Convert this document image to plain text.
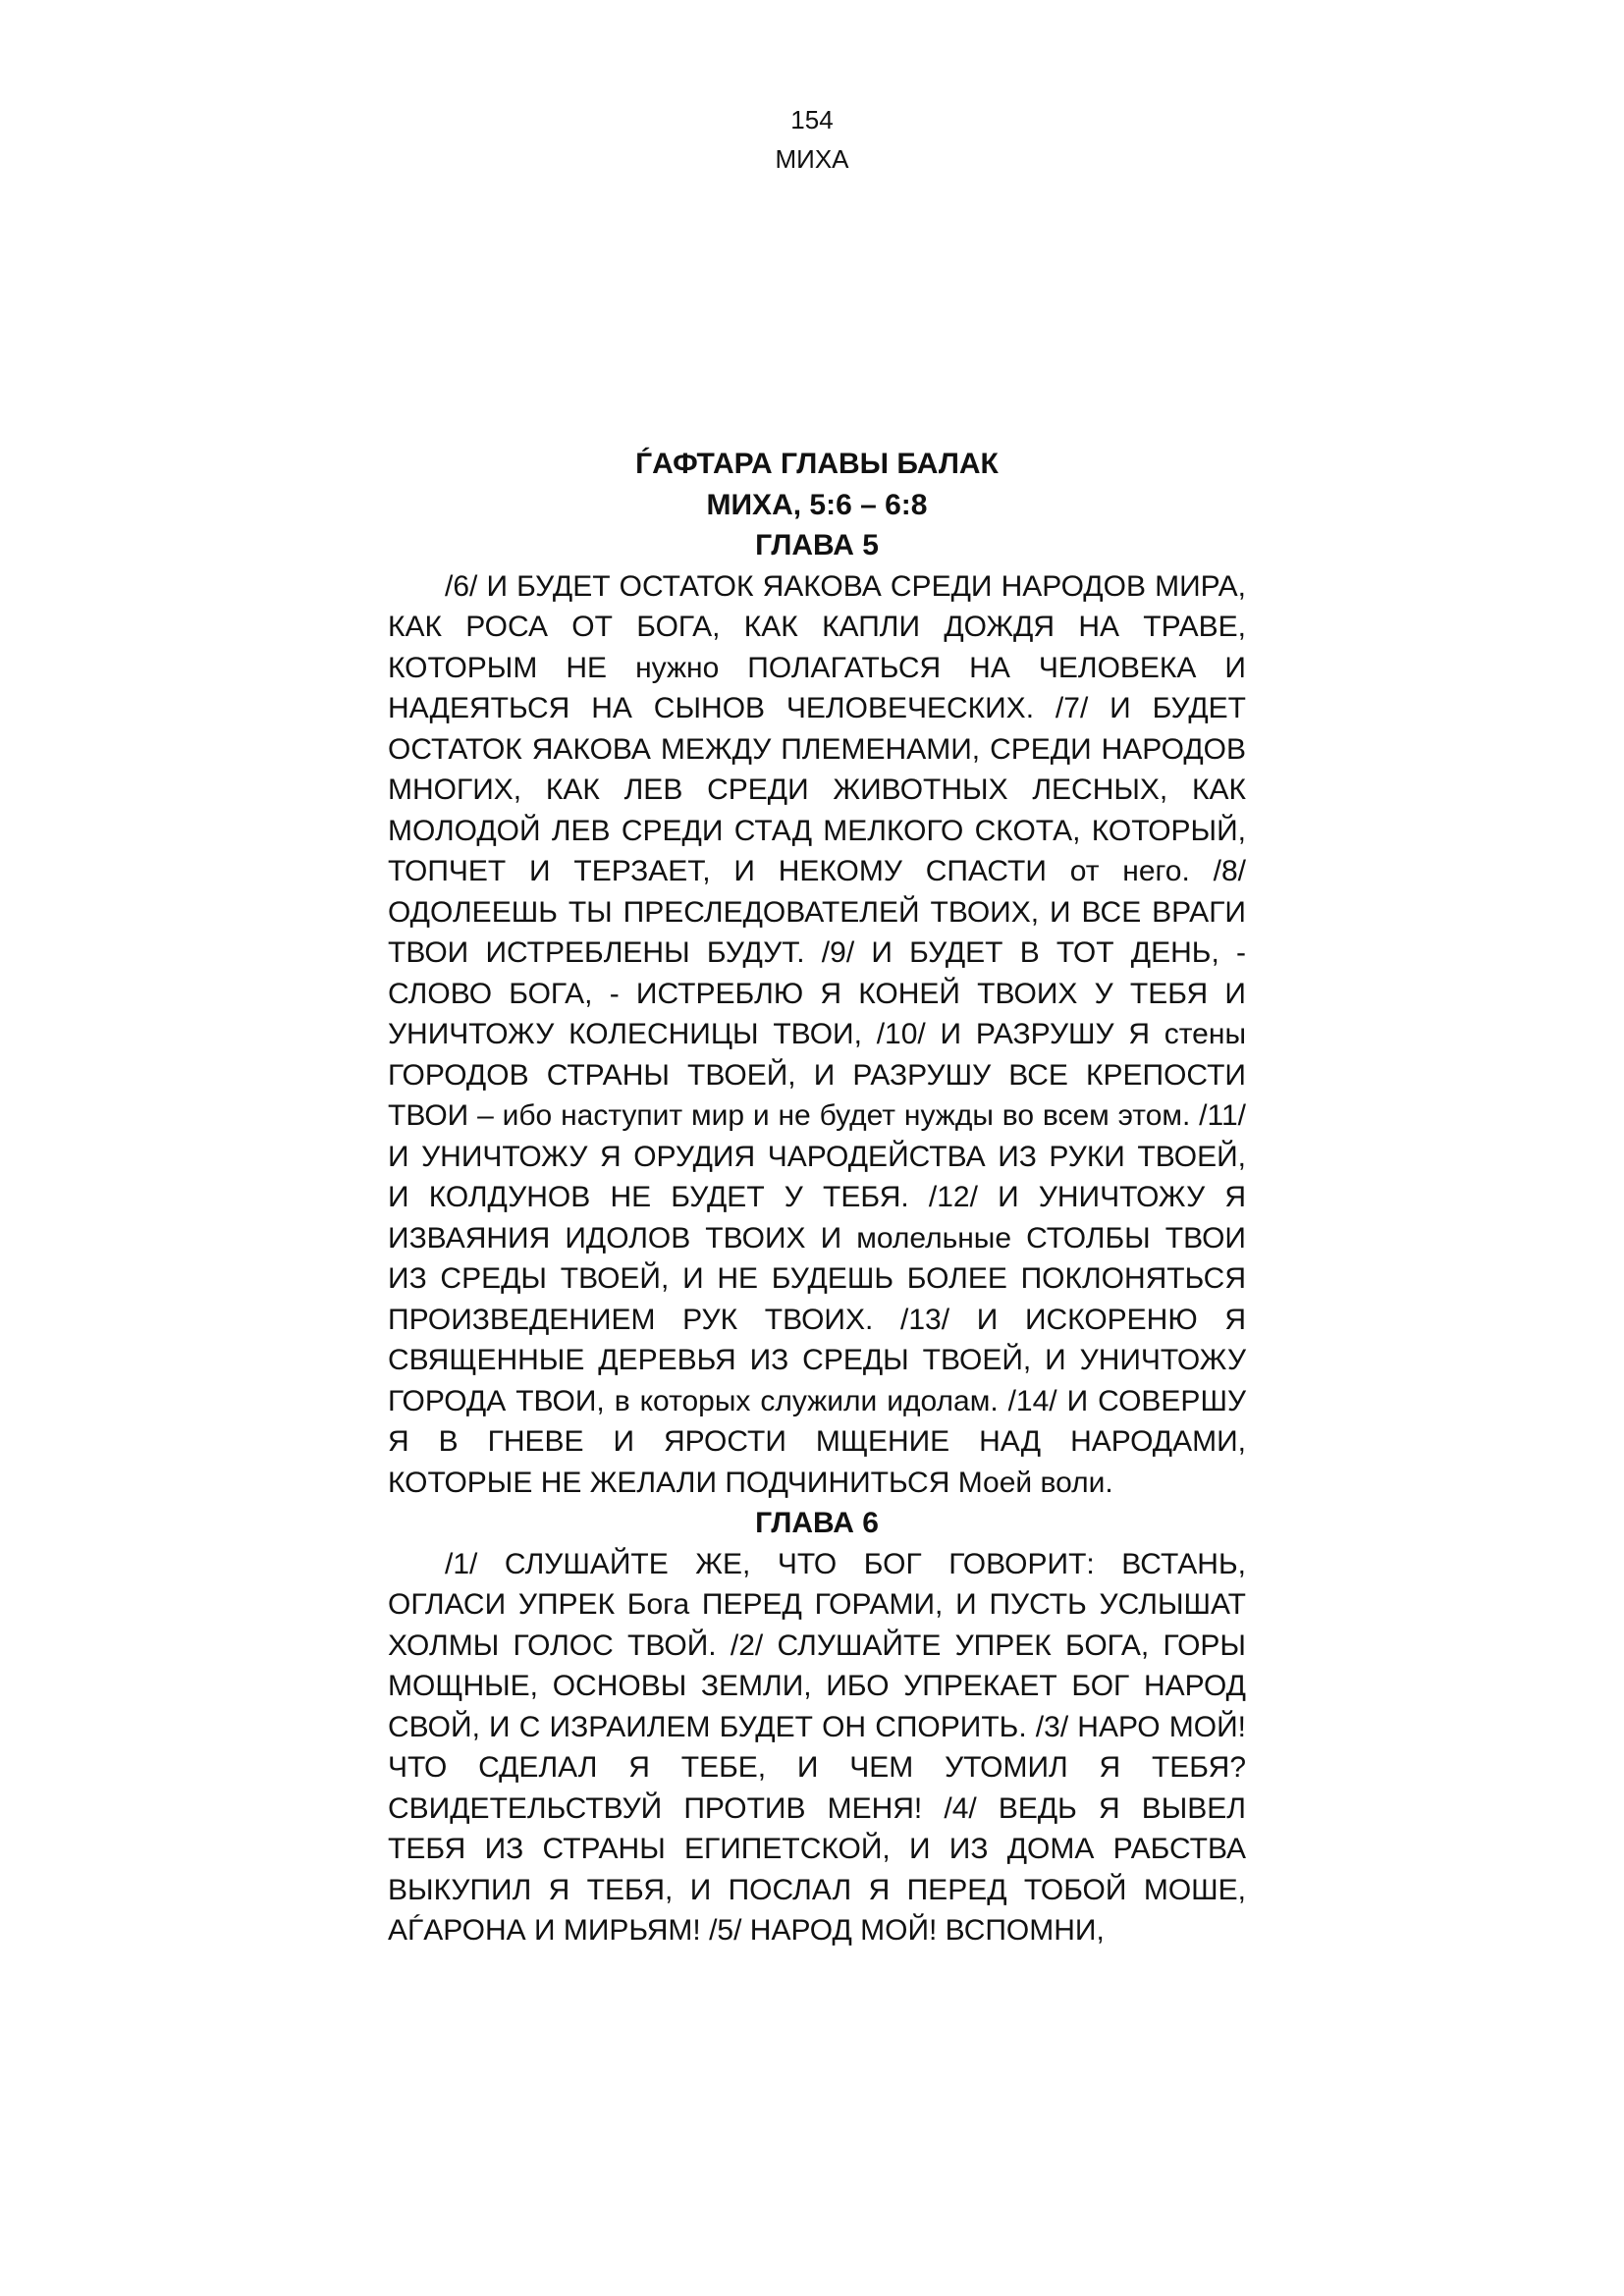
154
МИХА

ЃАФТАРА ГЛАВЫ БАЛАК

МИХА, 5:6 – 6:8

ГЛАВА 5

/6/ И БУДЕТ ОСТАТОК ЯАКОВА СРЕДИ НАРОДОВ МИРА, КАК РОСА ОТ БОГА, КАК КАПЛИ ДОЖДЯ НА ТРАВЕ, КОТОРЫМ НЕ нужно ПОЛАГАТЬСЯ НА ЧЕЛОВЕКА И НАДЕЯТЬСЯ НА СЫНОВ ЧЕЛОВЕЧЕСКИХ. /7/ И БУДЕТ ОСТАТОК ЯАКОВА МЕЖДУ ПЛЕМЕНАМИ, СРЕДИ НАРОДОВ МНОГИХ, КАК ЛЕВ СРЕДИ ЖИВОТНЫХ ЛЕСНЫХ, КАК МОЛОДОЙ ЛЕВ СРЕДИ СТАД МЕЛКОГО СКОТА, КОТОРЫЙ, ТОПЧЕТ И ТЕРЗАЕТ, И НЕКОМУ СПАСТИ от него. /8/ ОДОЛЕЕШЬ ТЫ ПРЕСЛЕДОВАТЕЛЕЙ ТВОИХ, И ВСЕ ВРАГИ ТВОИ ИСТРЕБЛЕНЫ БУДУТ. /9/ И БУДЕТ В ТОТ ДЕНЬ, - СЛОВО БОГА, - ИСТРЕБЛЮ Я КОНЕЙ ТВОИХ У ТЕБЯ И УНИЧТОЖУ КОЛЕСНИЦЫ ТВОИ, /10/ И РАЗРУШУ Я стены ГОРОДОВ СТРАНЫ ТВОЕЙ, И РАЗРУШУ ВСЕ КРЕПОСТИ ТВОИ – ибо наступит мир и не будет нужды во всем этом. /11/ И УНИЧТОЖУ Я ОРУДИЯ ЧАРОДЕЙСТВА ИЗ РУКИ ТВОЕЙ, И КОЛДУНОВ НЕ БУДЕТ У ТЕБЯ. /12/ И УНИЧТОЖУ Я ИЗВАЯНИЯ ИДОЛОВ ТВОИХ И молельные СТОЛБЫ ТВОИ ИЗ СРЕДЫ ТВОЕЙ, И НЕ БУДЕШЬ БОЛЕЕ ПОКЛОНЯТЬСЯ ПРОИЗВЕДЕНИЕМ РУК ТВОИХ. /13/ И ИСКОРЕНЮ Я СВЯЩЕННЫЕ ДЕРЕВЬЯ ИЗ СРЕДЫ ТВОЕЙ, И УНИЧТОЖУ ГОРОДА ТВОИ, в которых служили идолам. /14/ И СОВЕРШУ Я В ГНЕВЕ И ЯРОСТИ МЩЕНИЕ НАД НАРОДАМИ, КОТОРЫЕ НЕ ЖЕЛАЛИ ПОДЧИНИТЬСЯ Моей воли.

ГЛАВА 6

/1/ СЛУШАЙТЕ ЖЕ, ЧТО БОГ ГОВОРИТ: ВСТАНЬ, ОГЛАСИ УПРЕК Бога ПЕРЕД ГОРАМИ, И ПУСТЬ УСЛЫШАТ ХОЛМЫ ГОЛОС ТВОЙ. /2/ СЛУШАЙТЕ УПРЕК БОГА, ГОРЫ МОЩНЫЕ, ОСНОВЫ ЗЕМЛИ, ИБО УПРЕКАЕТ БОГ НАРОД СВОЙ, И С ИЗРАИЛЕМ БУДЕТ ОН СПОРИТЬ. /3/ НАРО МОЙ! ЧТО СДЕЛАЛ Я ТЕБЕ, И ЧЕМ УТОМИЛ Я ТЕБЯ? СВИДЕТЕЛЬСТВУЙ ПРОТИВ МЕНЯ! /4/ ВЕДЬ Я ВЫВЕЛ ТЕБЯ ИЗ СТРАНЫ ЕГИПЕТСКОЙ, И ИЗ ДОМА РАБСТВА ВЫКУПИЛ Я ТЕБЯ, И ПОСЛАЛ Я ПЕРЕД ТОБОЙ МОШЕ, АЃАРОНА И МИРЬЯМ! /5/ НАРОД МОЙ! ВСПОМНИ,
